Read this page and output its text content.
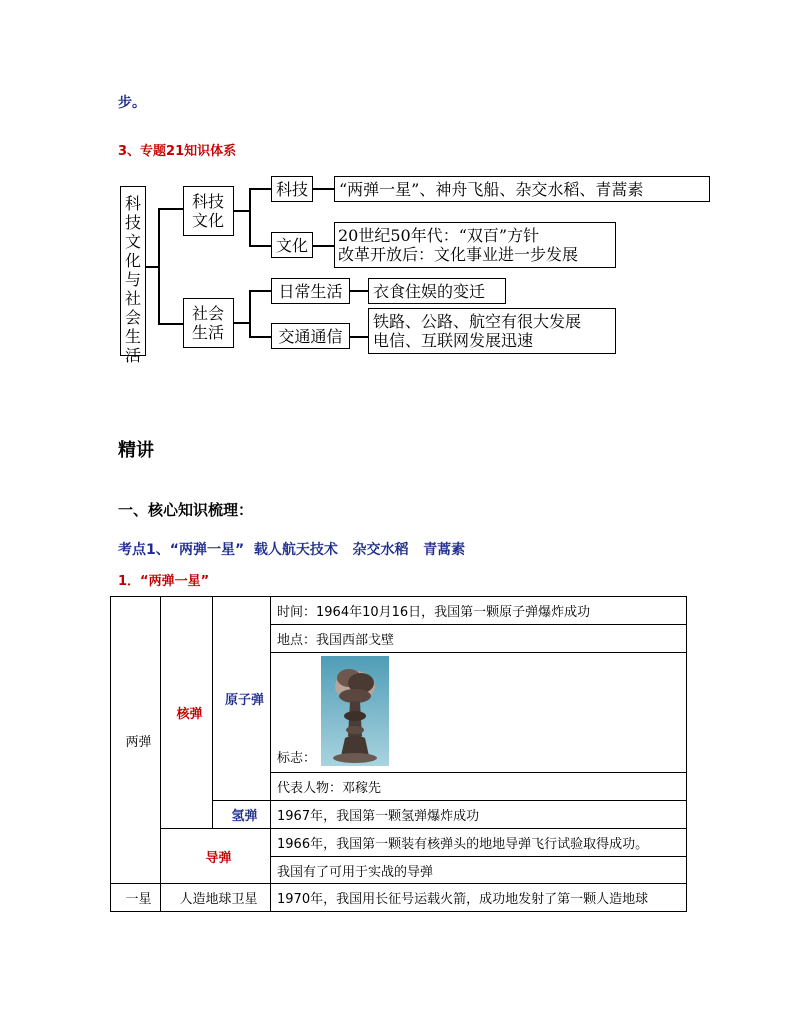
步。
3、专题21知识体系
科技文化与社会生活
科技文化
科技	“两弹一星”、神舟飞船、杂交水稻、青蒿素
文化
20世纪50年代：“双百”方针
改革开放后：文化事业进一步发展
社会生活
日常生活	衣食住娱的变迁
交通通信
铁路、公路、航空有很大发展
电信、互联网发展迅速
精讲
一、核心知识梳理：
考点1、“两弹一星” 载人航天技术 杂交水稻 青蒿素
1．“两弹一星”
两弹	核弹	原子弹	时间：1964年10月16日，我国第一颗原子弹爆炸成功
			地点：我国西部戈壁
			标志：

			代表人物：邓稼先
		氢弹	1967年，我国第一颗氢弹爆炸成功
	导弹		1966年，我国第一颗装有核弹头的地地导弹飞行试验取得成功。
			我国有了可用于实战的导弹
一星	人造地球卫星		1970年，我国用长征号运载火箭，成功地发射了第一颗人造地球
